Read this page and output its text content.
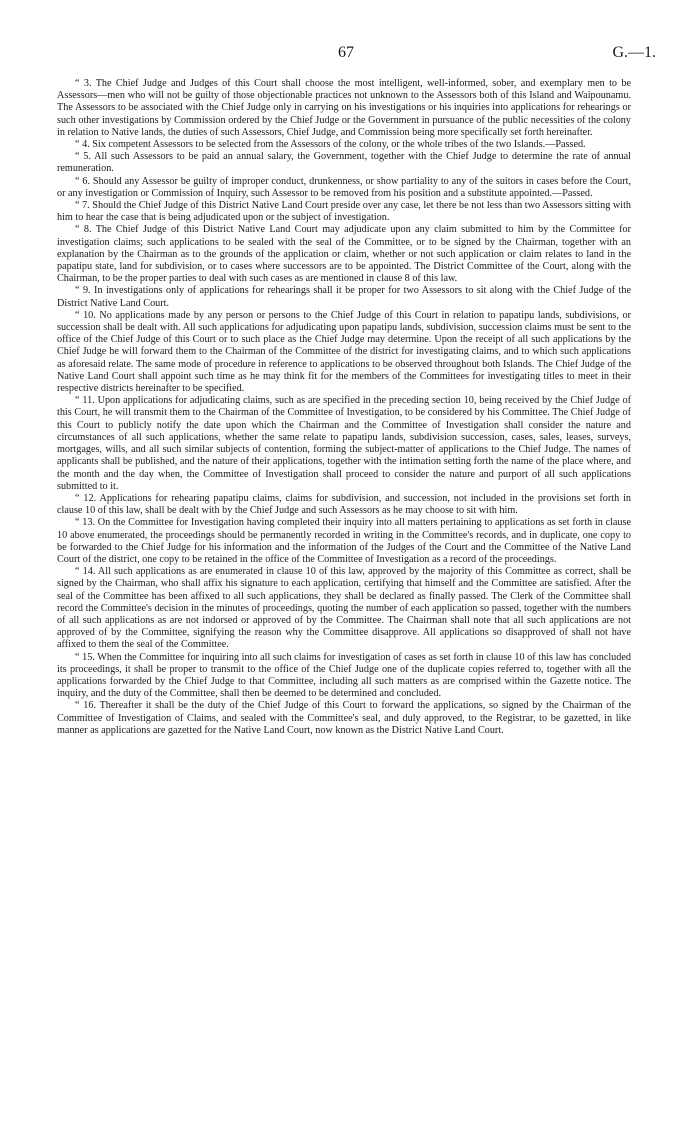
67	G.—1.

“ 3. The Chief Judge and Judges of this Court shall choose the most intelligent, well-informed, sober, and exemplary men to be Assessors—men who will not be guilty of those objectionable practices not unknown to the Assessors both of this Island and Waipounamu. The Assessors to be associated with the Chief Judge only in carrying on his investigations or his inquiries into applications for rehearings or such other investigations by Commission ordered by the Chief Judge or the Government in pursuance of the public necessities of the colony in relation to Native lands, the duties of such Assessors, Chief Judge, and Commission being more specifically set forth hereinafter.

“ 4. Six competent Assessors to be selected from the Assessors of the colony, or the whole tribes of the two Islands.—Passed.

“ 5. All such Assessors to be paid an annual salary, the Government, together with the Chief Judge to determine the rate of annual remuneration.

“ 6. Should any Assessor be guilty of improper conduct, drunkenness, or show partiality to any of the suitors in cases before the Court, or any investigation or Commission of Inquiry, such Assessor to be removed from his position and a substitute appointed.—Passed.

“ 7. Should the Chief Judge of this District Native Land Court preside over any case, let there be not less than two Assessors sitting with him to hear the case that is being adjudicated upon or the subject of investigation.

“ 8. The Chief Judge of this District Native Land Court may adjudicate upon any claim submitted to him by the Committee for investigation claims; such applications to be sealed with the seal of the Committee, or to be signed by the Chairman, together with an explanation by the Chairman as to the grounds of the application or claim, whether or not such application or claim relates to land in the papatipu state, land for subdivision, or to cases where successors are to be appointed. The District Committee of the Court, along with the Chairman, to be the proper parties to deal with such cases as are mentioned in clause 8 of this law.

“ 9. In investigations only of applications for rehearings shall it be proper for two Assessors to sit along with the Chief Judge of the District Native Land Court.

“ 10. No applications made by any person or persons to the Chief Judge of this Court in relation to papatipu lands, subdivisions, or succession shall be dealt with. All such applications for adjudicating upon papatipu lands, subdivision, succession claims must be sent to the office of the Chief Judge of this Court or to such place as the Chief Judge may determine. Upon the receipt of all such applications by the Chief Judge he will forward them to the Chairman of the Committee of the district for investigating claims, and to which such applications as aforesaid relate. The same mode of procedure in reference to applications to be observed throughout both Islands. The Chief Judge of the Native Land Court shall appoint such time as he may think fit for the members of the Committees for investigating titles to meet in their respective districts hereinafter to be specified.

“ 11. Upon applications for adjudicating claims, such as are specified in the preceding section 10, being received by the Chief Judge of this Court, he will transmit them to the Chairman of the Committee of Investigation, to be considered by his Committee. The Chief Judge of this Court to publicly notify the date upon which the Chairman and the Committee of Investigation shall consider the nature and circumstances of all such applications, whether the same relate to papatipu lands, subdivision succession, cases, sales, leases, surveys, mortgages, wills, and all such similar subjects of contention, forming the subject-matter of applications to the Chief Judge. The names of applicants shall be published, and the nature of their applications, together with the intimation setting forth the name of the place where, and the month and the day when, the Committee of Investigation shall proceed to consider the nature and purport of all such applications submitted to it.

“ 12. Applications for rehearing papatipu claims, claims for subdivision, and succession, not included in the provisions set forth in clause 10 of this law, shall be dealt with by the Chief Judge and such Assessors as he may choose to sit with him.

“ 13. On the Committee for Investigation having completed their inquiry into all matters pertaining to applications as set forth in clause 10 above enumerated, the proceedings should be permanently recorded in writing in the Committee's records, and in duplicate, one copy to be forwarded to the Chief Judge for his information and the information of the Judges of the Court and the Committee of the Native Land Court of the district, one copy to be retained in the office of the Committee of Investigation as a record of the proceedings.

“ 14. All such applications as are enumerated in clause 10 of this law, approved by the majority of this Committee as correct, shall be signed by the Chairman, who shall affix his signature to each application, certifying that himself and the Committee are satisfied. After the seal of the Committee has been affixed to all such applications, they shall be declared as finally passed. The Clerk of the Committee shall record the Committee's decision in the minutes of proceedings, quoting the number of each application so passed, together with the numbers of all such applications as are not indorsed or approved of by the Committee. The Chairman shall note that all such applications are not approved of by the Committee, signifying the reason why the Committee disapprove. All applications so disapproved of shall not have affixed to them the seal of the Committee.

“ 15. When the Committee for inquiring into all such claims for investigation of cases as set forth in clause 10 of this law has concluded its proceedings, it shall be proper to transmit to the office of the Chief Judge one of the duplicate copies referred to, together with all the applications forwarded by the Chief Judge to that Committee, including all such matters as are comprised within the Gazette notice. The inquiry, and the duty of the Committee, shall then be deemed to be determined and concluded.

“ 16. Thereafter it shall be the duty of the Chief Judge of this Court to forward the applications, so signed by the Chairman of the Committee of Investigation of Claims, and sealed with the Committee's seal, and duly approved, to the Registrar, to be gazetted, in like manner as applications are gazetted for the Native Land Court, now known as the District Native Land Court.
